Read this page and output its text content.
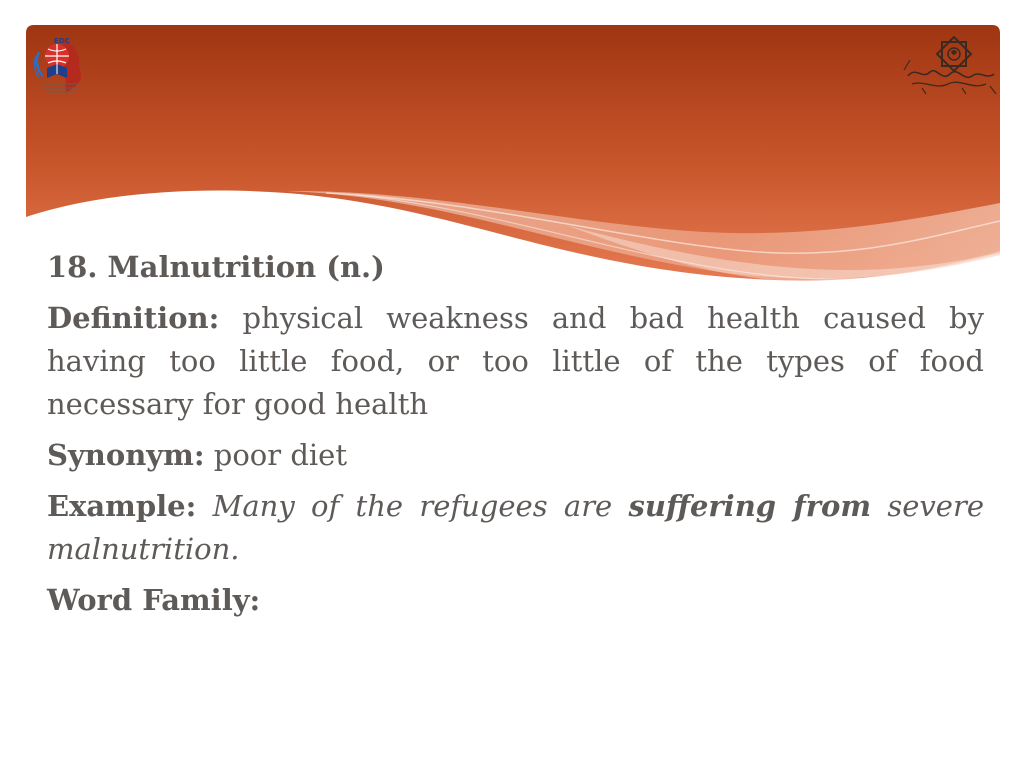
EDC
18. Malnutrition (n.)
Definition: physical weakness and bad health caused by having too little food, or too little of the types of food necessary for good health
Synonym: poor diet
Example: Many of the refugees are suffering from severe malnutrition.
Word Family:
